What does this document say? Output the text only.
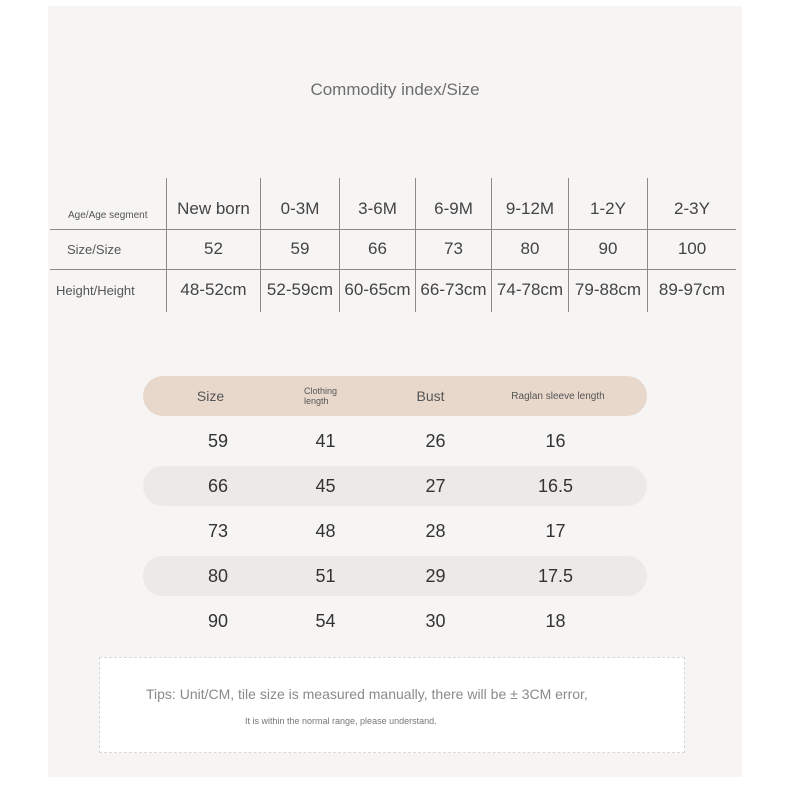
Commodity index/Size
Age/Age segment	New born	0-3M	3-6M	6-9M	9-12M	1-2Y	2-3Y
Size/Size	52	59	66	73	80	90	100
Height/Height	48-52cm	52-59cm 60-65cm 66-73cm 74-78cm 79-88cm	89-97cm
Size	Clothing length	Bust	Raglan sleeve length
59	41	26	16
66	45	27	16.5
73	48	28	17
80	51	29	17.5
90	54	30	18
Tips: Unit/CM, tile size is measured manually, there will be ± 3CM error,
It is within the normal range, please understand.
